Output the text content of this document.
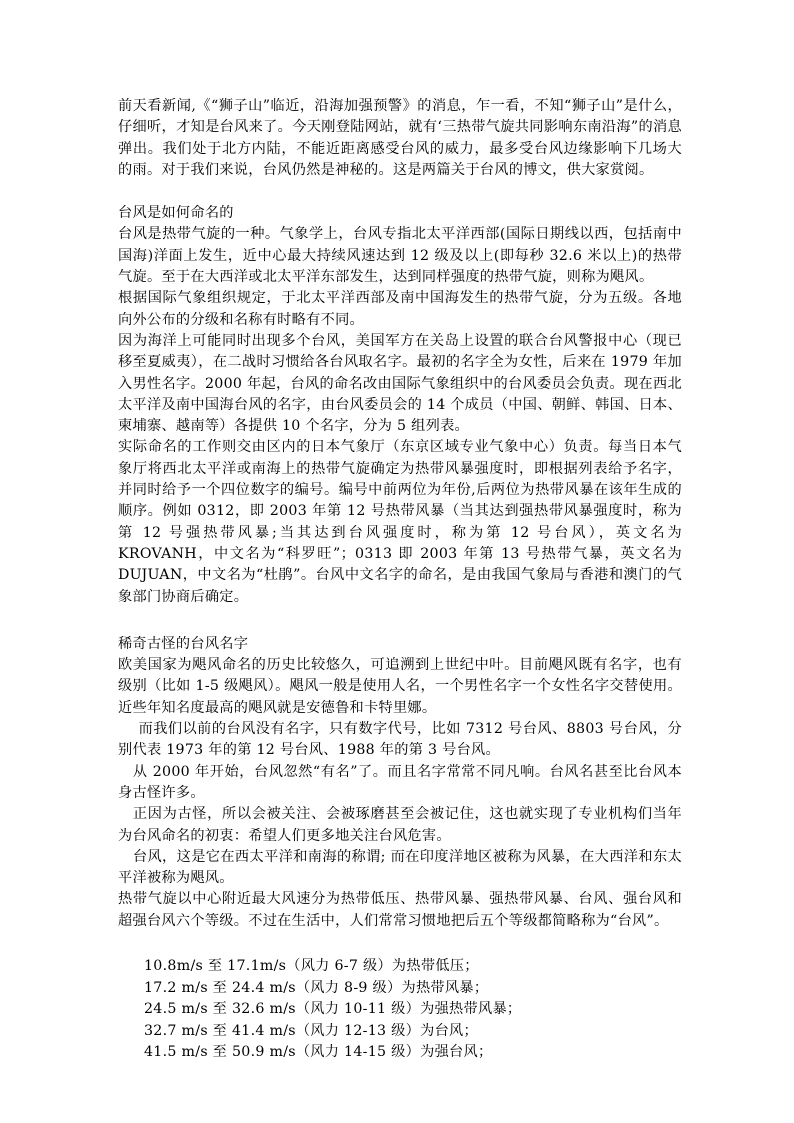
前天看新闻,《“狮子山”临近，沿海加强预警》的消息，乍一看，不知“狮子山”是什么，仔细听，才知是台风来了。今天刚登陆网站，就有‘三热带气旋共同影响东南沿海”的消息弹出。我们处于北方内陆，不能近距离感受台风的威力，最多受台风边缘影响下几场大的雨。对于我们来说，台风仍然是神秘的。这是两篇关于台风的博文，供大家赏阅。

台风是如何命名的

台风是热带气旋的一种。气象学上，台风专指北太平洋西部(国际日期线以西，包括南中国海)洋面上发生，近中心最大持续风速达到 12 级及以上(即每秒 32.6 米以上)的热带气旋。至于在大西洋或北太平洋东部发生，达到同样强度的热带气旋，则称为飓风。

根据国际气象组织规定，于北太平洋西部及南中国海发生的热带气旋，分为五级。各地向外公布的分级和名称有时略有不同。

因为海洋上可能同时出现多个台风，美国军方在关岛上设置的联合台风警报中心（现已移至夏威夷），在二战时习惯给各台风取名字。最初的名字全为女性，后来在 1979 年加入男性名字。2000 年起，台风的命名改由国际气象组织中的台风委员会负责。现在西北太平洋及南中国海台风的名字，由台风委员会的 14 个成员（中国、朝鲜、韩国、日本、柬埔寨、越南等）各提供 10 个名字，分为 5 组列表。

实际命名的工作则交由区内的日本气象厅（东京区域专业气象中心）负责。每当日本气象厅将西北太平洋或南海上的热带气旋确定为热带风暴强度时，即根据列表给予名字，并同时给予一个四位数字的编号。编号中前两位为年份,后两位为热带风暴在该年生成的顺序。例如 0312，即 2003 年第 12 号热带风暴（当其达到强热带风暴强度时，称为第 12 号强热带风暴;当其达到台风强度时，称为第 12 号台风），英文名为 KROVANH，中文名为“科罗旺”；0313 即 2003 年第 13 号热带气暴，英文名为 DUJUAN，中文名为“杜鹃”。台风中文名字的命名，是由我国气象局与香港和澳门的气象部门协商后确定。

稀奇古怪的台风名字

欧美国家为飓风命名的历史比较悠久，可追溯到上世纪中叶。目前飓风既有名字，也有级别（比如 1-5 级飓风）。飓风一般是使用人名，一个男性名字一个女性名字交替使用。近些年知名度最高的飓风就是安德鲁和卡特里娜。

而我们以前的台风没有名字，只有数字代号，比如 7312 号台风、8803 号台风，分别代表 1973 年的第 12 号台风、1988 年的第 3 号台风。

从 2000 年开始，台风忽然“有名”了。而且名字常常不同凡响。台风名甚至比台风本身古怪许多。

正因为古怪，所以会被关注、会被琢磨甚至会被记住，这也就实现了专业机构们当年为台风命名的初衷：希望人们更多地关注台风危害。

台风，这是它在西太平洋和南海的称谓; 而在印度洋地区被称为风暴，在大西洋和东太平洋被称为飓风。

热带气旋以中心附近最大风速分为热带低压、热带风暴、强热带风暴、台风、强台风和超强台风六个等级。不过在生活中，人们常常习惯地把后五个等级都简略称为“台风”。

10.8m/s 至 17.1m/s（风力 6-7 级）为热带低压；

17.2 m/s 至 24.4 m/s（风力 8-9 级）为热带风暴；

24.5 m/s 至 32.6 m/s（风力 10-11 级）为强热带风暴；

32.7 m/s 至 41.4 m/s（风力 12-13 级）为台风；

41.5 m/s 至 50.9 m/s（风力 14-15 级）为强台风；
